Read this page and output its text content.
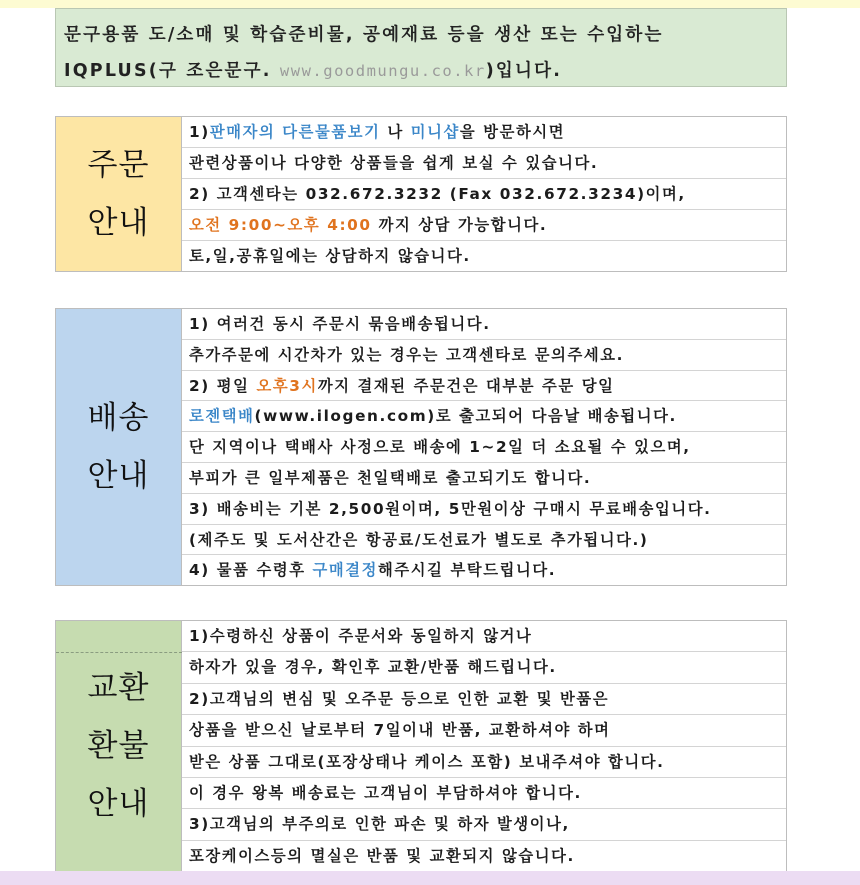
문구용품 도/소매 및 학습준비물, 공예재료 등을 생산 또는 수입하는
IQPLUS(구 조은문구. www.goodmungu.co.kr)입니다.
주문
안내
1)판매자의 다른물품보기 나 미니샵을 방문하시면
관련상품이나 다양한 상품들을 쉽게 보실 수 있습니다.
2) 고객센타는 032.672.3232 (Fax 032.672.3234)이며,
오전 9:00~오후 4:00 까지 상담 가능합니다.
토,일,공휴일에는 상담하지 않습니다.
배송
안내
1) 여러건 동시 주문시 묶음배송됩니다.
추가주문에 시간차가 있는 경우는 고객센타로 문의주세요.
2) 평일 오후3시까지 결재된 주문건은 대부분 주문 당일
로젠택배(www.ilogen.com)로 출고되어 다음날 배송됩니다.
단 지역이나 택배사 사정으로 배송에 1~2일 더 소요될 수 있으며,
부피가 큰 일부제품은 천일택배로 출고되기도 합니다.
3) 배송비는 기본 2,500원이며, 5만원이상 구매시 무료배송입니다.
(제주도 및 도서산간은 항공료/도선료가 별도로 추가됩니다.)
4) 물품 수령후 구매결정해주시길 부탁드립니다.
교환
환불
안내
1)수령하신 상품이 주문서와 동일하지 않거나
하자가 있을 경우, 확인후 교환/반품 해드립니다.
2)고객님의 변심 및 오주문 등으로 인한 교환 및 반품은
상품을 받으신 날로부터 7일이내 반품, 교환하셔야 하며
받은 상품 그대로(포장상태나 케이스 포함) 보내주셔야 합니다.
이 경우 왕복 배송료는 고객님이 부담하셔야 합니다.
3)고객님의 부주의로 인한 파손 및 하자 발생이나,
포장케이스등의 멸실은 반품 및 교환되지 않습니다.
